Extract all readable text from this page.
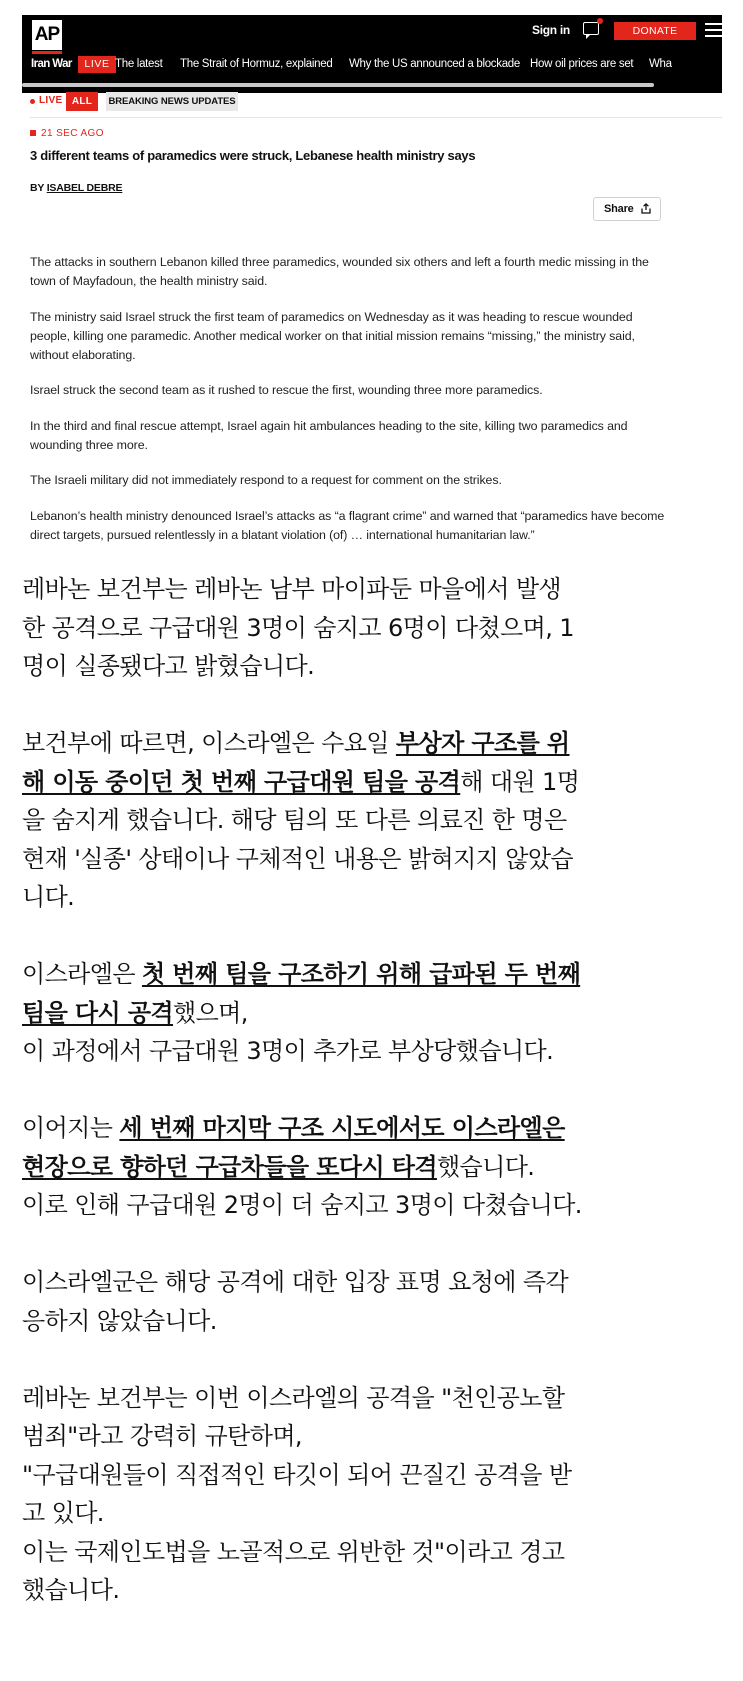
AP	Sign in	DONATE
Iran War	LIVE The latest The Strait of Hormuz, explained Why the US announced a blockade How oil prices are set Wha
LIVE ALL	BREAKING NEWS UPDATES
21 SEC AGO
3 different teams of paramedics were struck, Lebanese health ministry says
BY ISABEL DEBRE
Share

The attacks in southern Lebanon killed three paramedics, wounded six others and left a fourth medic missing in the town of Mayfadoun, the health ministry said.

The ministry said Israel struck the first team of paramedics on Wednesday as it was heading to rescue wounded people, killing one paramedic. Another medical worker on that initial mission remains “missing,” the ministry said, without elaborating.

Israel struck the second team as it rushed to rescue the first, wounding three more paramedics.

In the third and final rescue attempt, Israel again hit ambulances heading to the site, killing two paramedics and wounding three more.

The Israeli military did not immediately respond to a request for comment on the strikes.

Lebanon’s health ministry denounced Israel’s attacks as “a flagrant crime” and warned that “paramedics have become direct targets, pursued relentlessly in a blatant violation (of) … international humanitarian law.”

레바논 보건부는 레바논 남부 마이파둔 마을에서 발생
한 공격으로 구급대원 3명이 숨지고 6명이 다쳤으며, 1
명이 실종됐다고 밝혔습니다.
보건부에 따르면, 이스라엘은 수요일 부상자 구조를 위
해 이동 중이던 첫 번째 구급대원 팀을 공격해 대원 1명
을 숨지게 했습니다. 해당 팀의 또 다른 의료진 한 명은
현재 '실종' 상태이나 구체적인 내용은 밝혀지지 않았습
니다.
이스라엘은 첫 번째 팀을 구조하기 위해 급파된 두 번째
팀을 다시 공격했으며,
이 과정에서 구급대원 3명이 추가로 부상당했습니다.
이어지는 세 번째 마지막 구조 시도에서도 이스라엘은
현장으로 향하던 구급차들을 또다시 타격했습니다.
이로 인해 구급대원 2명이 더 숨지고 3명이 다쳤습니다.
이스라엘군은 해당 공격에 대한 입장 표명 요청에 즉각
응하지 않았습니다.
레바논 보건부는 이번 이스라엘의 공격을 "천인공노할
범죄"라고 강력히 규탄하며,
"구급대원들이 직접적인 타깃이 되어 끈질긴 공격을 받
고 있다.
이는 국제인도법을 노골적으로 위반한 것"이라고 경고
했습니다.
